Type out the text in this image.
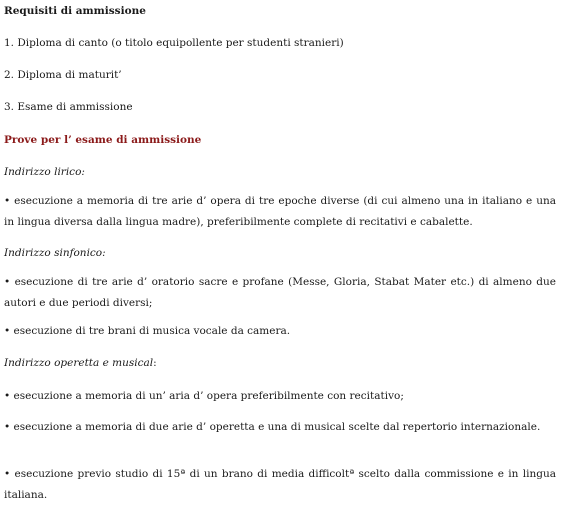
Requisiti di ammissione
1. Diploma di canto (o titolo equipollente per studenti stranieri)
2. Diploma di maturit’
3. Esame di ammissione
Prove per l’ esame di ammissione
Indirizzo lirico:
• esecuzione a memoria di tre arie d’ opera di tre epoche diverse (di cui almeno una in italiano e una in lingua diversa dalla lingua madre), preferibilmente complete di recitativi e cabalette.
Indirizzo sinfonico:
• esecuzione di tre arie d’ oratorio sacre e profane (Messe, Gloria, Stabat Mater etc.) di almeno due autori e due periodi diversi;
• esecuzione di tre brani di musica vocale da camera.
Indirizzo operetta e musical:
• esecuzione a memoria di un’ aria d’ opera preferibilmente con recitativo;
• esecuzione a memoria di due arie d’ operetta e una di musical scelte dal repertorio internazionale.
• esecuzione previo studio di 15ª di un brano di media difficoltª scelto dalla commissione e in lingua italiana.
